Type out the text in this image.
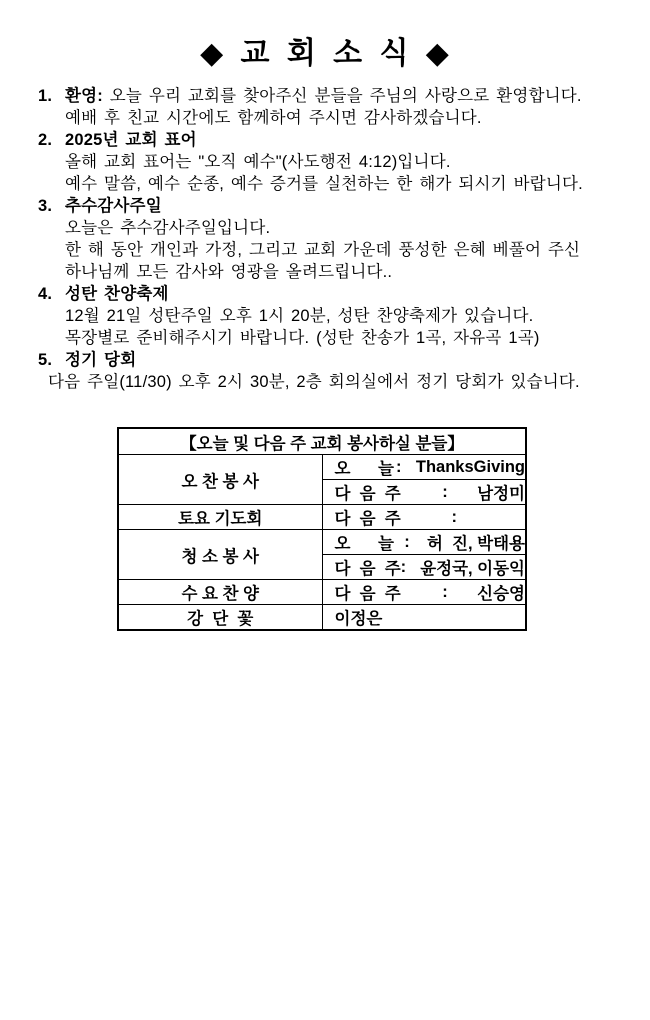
◆ 교 회 소 식 ◆
1. 환영: 오늘 우리 교회를 찾아주신 분들을 주님의 사랑으로 환영합니다.
예배 후 친교 시간에도 함께하여 주시면 감사하겠습니다.
2. 2025년 교회 표어
올해 교회 표어는 "오직 예수"(사도행전 4:12)입니다.
예수 말씀, 예수 순종, 예수 증거를 실천하는 한 해가 되시기 바랍니다.
3. 추수감사주일
오늘은 추수감사주일입니다.
한 해 동안 개인과 가정, 그리고 교회 가운데 풍성한 은혜 베풀어 주신
하나님께 모든 감사와 영광을 올려드립니다..
4. 성탄 찬양축제
12월 21일 성탄주일 오후 1시 20분, 성탄 찬양축제가 있습니다.
목장별로 준비해주시기 바랍니다. (성탄 찬송가 1곡, 자유곡 1곡)
5. 정기 당회
다음 주일(11/30) 오후 2시 30분, 2층 회의실에서 정기 당회가 있습니다.
【오늘 및 다음 주 교회 봉사하실 분들】	
오 찬 봉 사	오      늘 : ThanksGiving

	다  음  주 : 남정미

토요 기도회	다  음  주 :

청 소 봉 사	오      늘 : 허  진, 박태용

	다  음  주 : 윤정국, 이동익

수 요 찬 양	다  음  주 : 신승영

강  단  꽃	이정은
